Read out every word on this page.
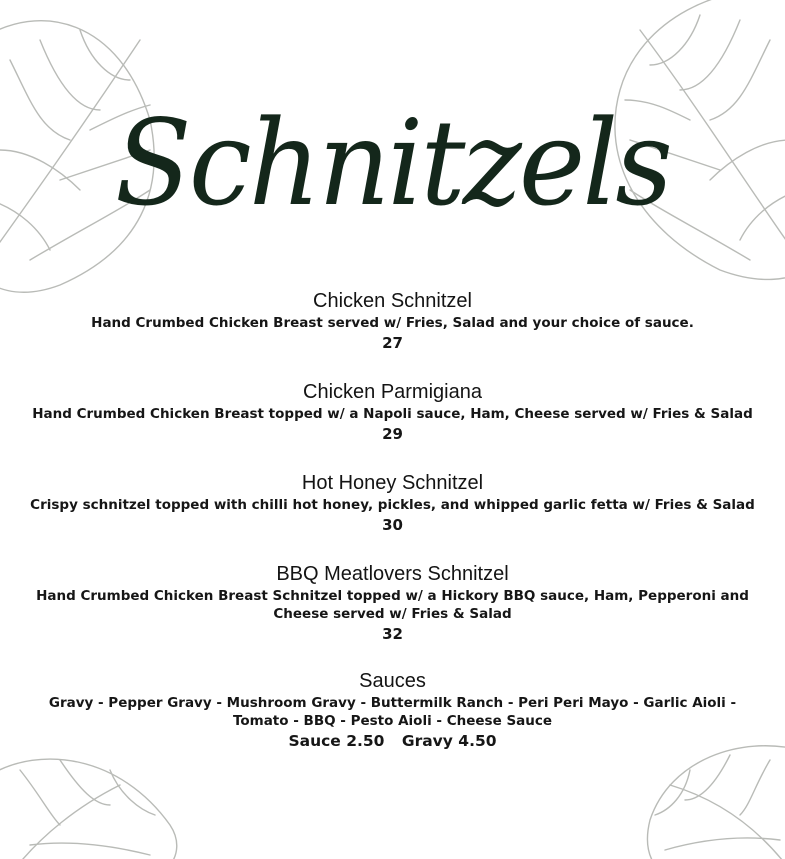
Schnitzels
Chicken Schnitzel
Hand Crumbed Chicken Breast served w/ Fries, Salad and your choice of sauce.
27
Chicken Parmigiana
Hand Crumbed Chicken Breast topped w/ a Napoli sauce, Ham, Cheese served w/ Fries & Salad
29
Hot Honey Schnitzel
Crispy schnitzel topped with chilli hot honey, pickles, and whipped garlic fetta w/ Fries & Salad
30
BBQ Meatlovers Schnitzel
Hand Crumbed Chicken Breast Schnitzel topped w/ a Hickory BBQ sauce, Ham, Pepperoni and Cheese served w/ Fries & Salad
32
Sauces
Gravy - Pepper Gravy - Mushroom Gravy - Buttermilk Ranch - Peri Peri Mayo - Garlic Aioli - Tomato - BBQ - Pesto Aioli - Cheese Sauce
Sauce 2.50 Gravy 4.50
